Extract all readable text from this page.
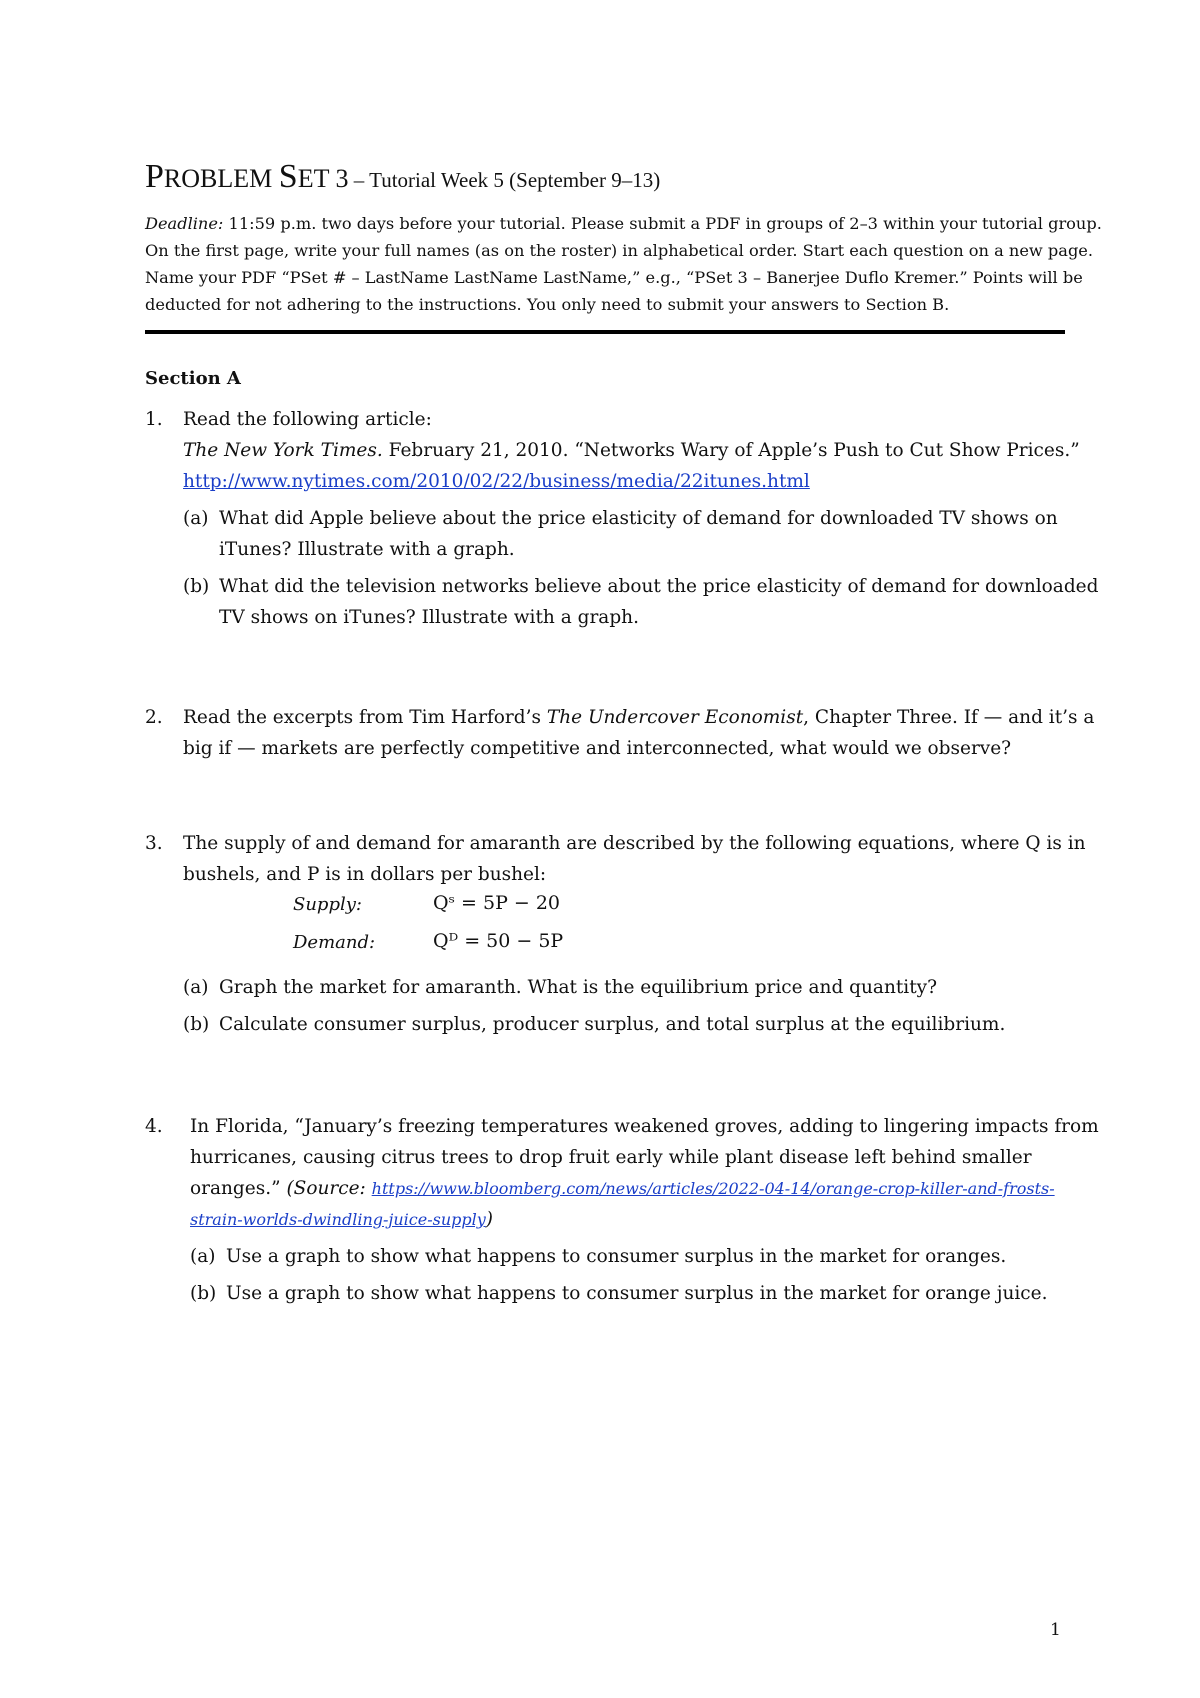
PROBLEM SET 3 – Tutorial Week 5 (September 9–13)
Deadline: 11:59 p.m. two days before your tutorial. Please submit a PDF in groups of 2–3 within your tutorial group.
On the first page, write your full names (as on the roster) in alphabetical order. Start each question on a new page.
Name your PDF “PSet # – LastName LastName LastName,” e.g., “PSet 3 – Banerjee Duflo Kremer.” Points will be
deducted for not adhering to the instructions. You only need to submit your answers to Section B.
Section A
1. Read the following article:
The New York Times. February 21, 2010. “Networks Wary of Apple’s Push to Cut Show Prices.”
http://www.nytimes.com/2010/02/22/business/media/22itunes.html
(a) What did Apple believe about the price elasticity of demand for downloaded TV shows on
iTunes? Illustrate with a graph.
(b) What did the television networks believe about the price elasticity of demand for downloaded
TV shows on iTunes? Illustrate with a graph.
2. Read the excerpts from Tim Harford’s The Undercover Economist, Chapter Three. If — and it’s a
big if — markets are perfectly competitive and interconnected, what would we observe?
3. The supply of and demand for amaranth are described by the following equations, where Q is in
bushels, and P is in dollars per bushel:
Supply:	Qˢ = 5P − 20
Demand:	Qᴰ = 50 − 5P
(a) Graph the market for amaranth. What is the equilibrium price and quantity?
(b) Calculate consumer surplus, producer surplus, and total surplus at the equilibrium.
4. In Florida, “January’s freezing temperatures weakened groves, adding to lingering impacts from
hurricanes, causing citrus trees to drop fruit early while plant disease left behind smaller
oranges.” (Source: https://www.bloomberg.com/news/articles/2022-04-14/orange-crop-killer-and-frosts-
strain-worlds-dwindling-juice-supply)
(a) Use a graph to show what happens to consumer surplus in the market for oranges.
(b) Use a graph to show what happens to consumer surplus in the market for orange juice.
1
